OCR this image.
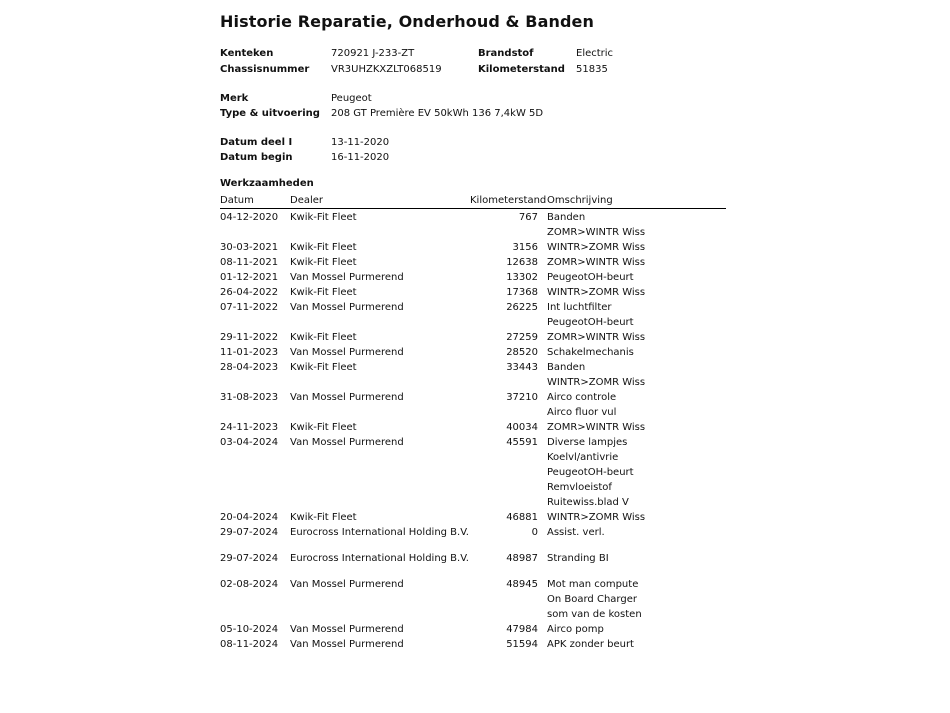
Historie Reparatie, Onderhoud & Banden
Kenteken	720921 J-233-ZT	Brandstof	Electric
Chassisnummer VR3UHZKXZLT068519	Kilometerstand 51835
Merk	Peugeot
Type & uitvoering 208 GT Première EV 50kWh 136 7,4kW 5D
Datum deel I	13-11-2020
Datum begin	16-11-2020
Werkzaamheden
Datum	Dealer	Kilometerstand Omschrijving
04-12-2020 Kwik-Fit Fleet	767 Banden
ZOMR>WINTR Wiss
30-03-2021 Kwik-Fit Fleet	3156 WINTR>ZOMR Wiss
08-11-2021 Kwik-Fit Fleet	12638 ZOMR>WINTR Wiss
01-12-2021 Van Mossel Purmerend	13302 PeugeotOH-beurt
26-04-2022 Kwik-Fit Fleet	17368 WINTR>ZOMR Wiss
07-11-2022 Van Mossel Purmerend	26225 Int luchtfilter
PeugeotOH-beurt
29-11-2022 Kwik-Fit Fleet	27259 ZOMR>WINTR Wiss
11-01-2023 Van Mossel Purmerend	28520 Schakelmechanis
28-04-2023 Kwik-Fit Fleet	33443 Banden
WINTR>ZOMR Wiss
31-08-2023 Van Mossel Purmerend	37210 Airco controle
Airco fluor vul
24-11-2023 Kwik-Fit Fleet	40034 ZOMR>WINTR Wiss
03-04-2024 Van Mossel Purmerend	45591 Diverse lampjes
Koelvl/antivrie
PeugeotOH-beurt
Remvloeistof
Ruitewiss.blad V
20-04-2024 Kwik-Fit Fleet	46881 WINTR>ZOMR Wiss
29-07-2024 Eurocross International Holding B.V.	0 Assist. verl.
29-07-2024 Eurocross International Holding B.V.	48987 Stranding BI
02-08-2024 Van Mossel Purmerend	48945 Mot man compute
On Board Charger
som van de kosten
05-10-2024 Van Mossel Purmerend	47984 Airco pomp
08-11-2024 Van Mossel Purmerend	51594 APK zonder beurt
